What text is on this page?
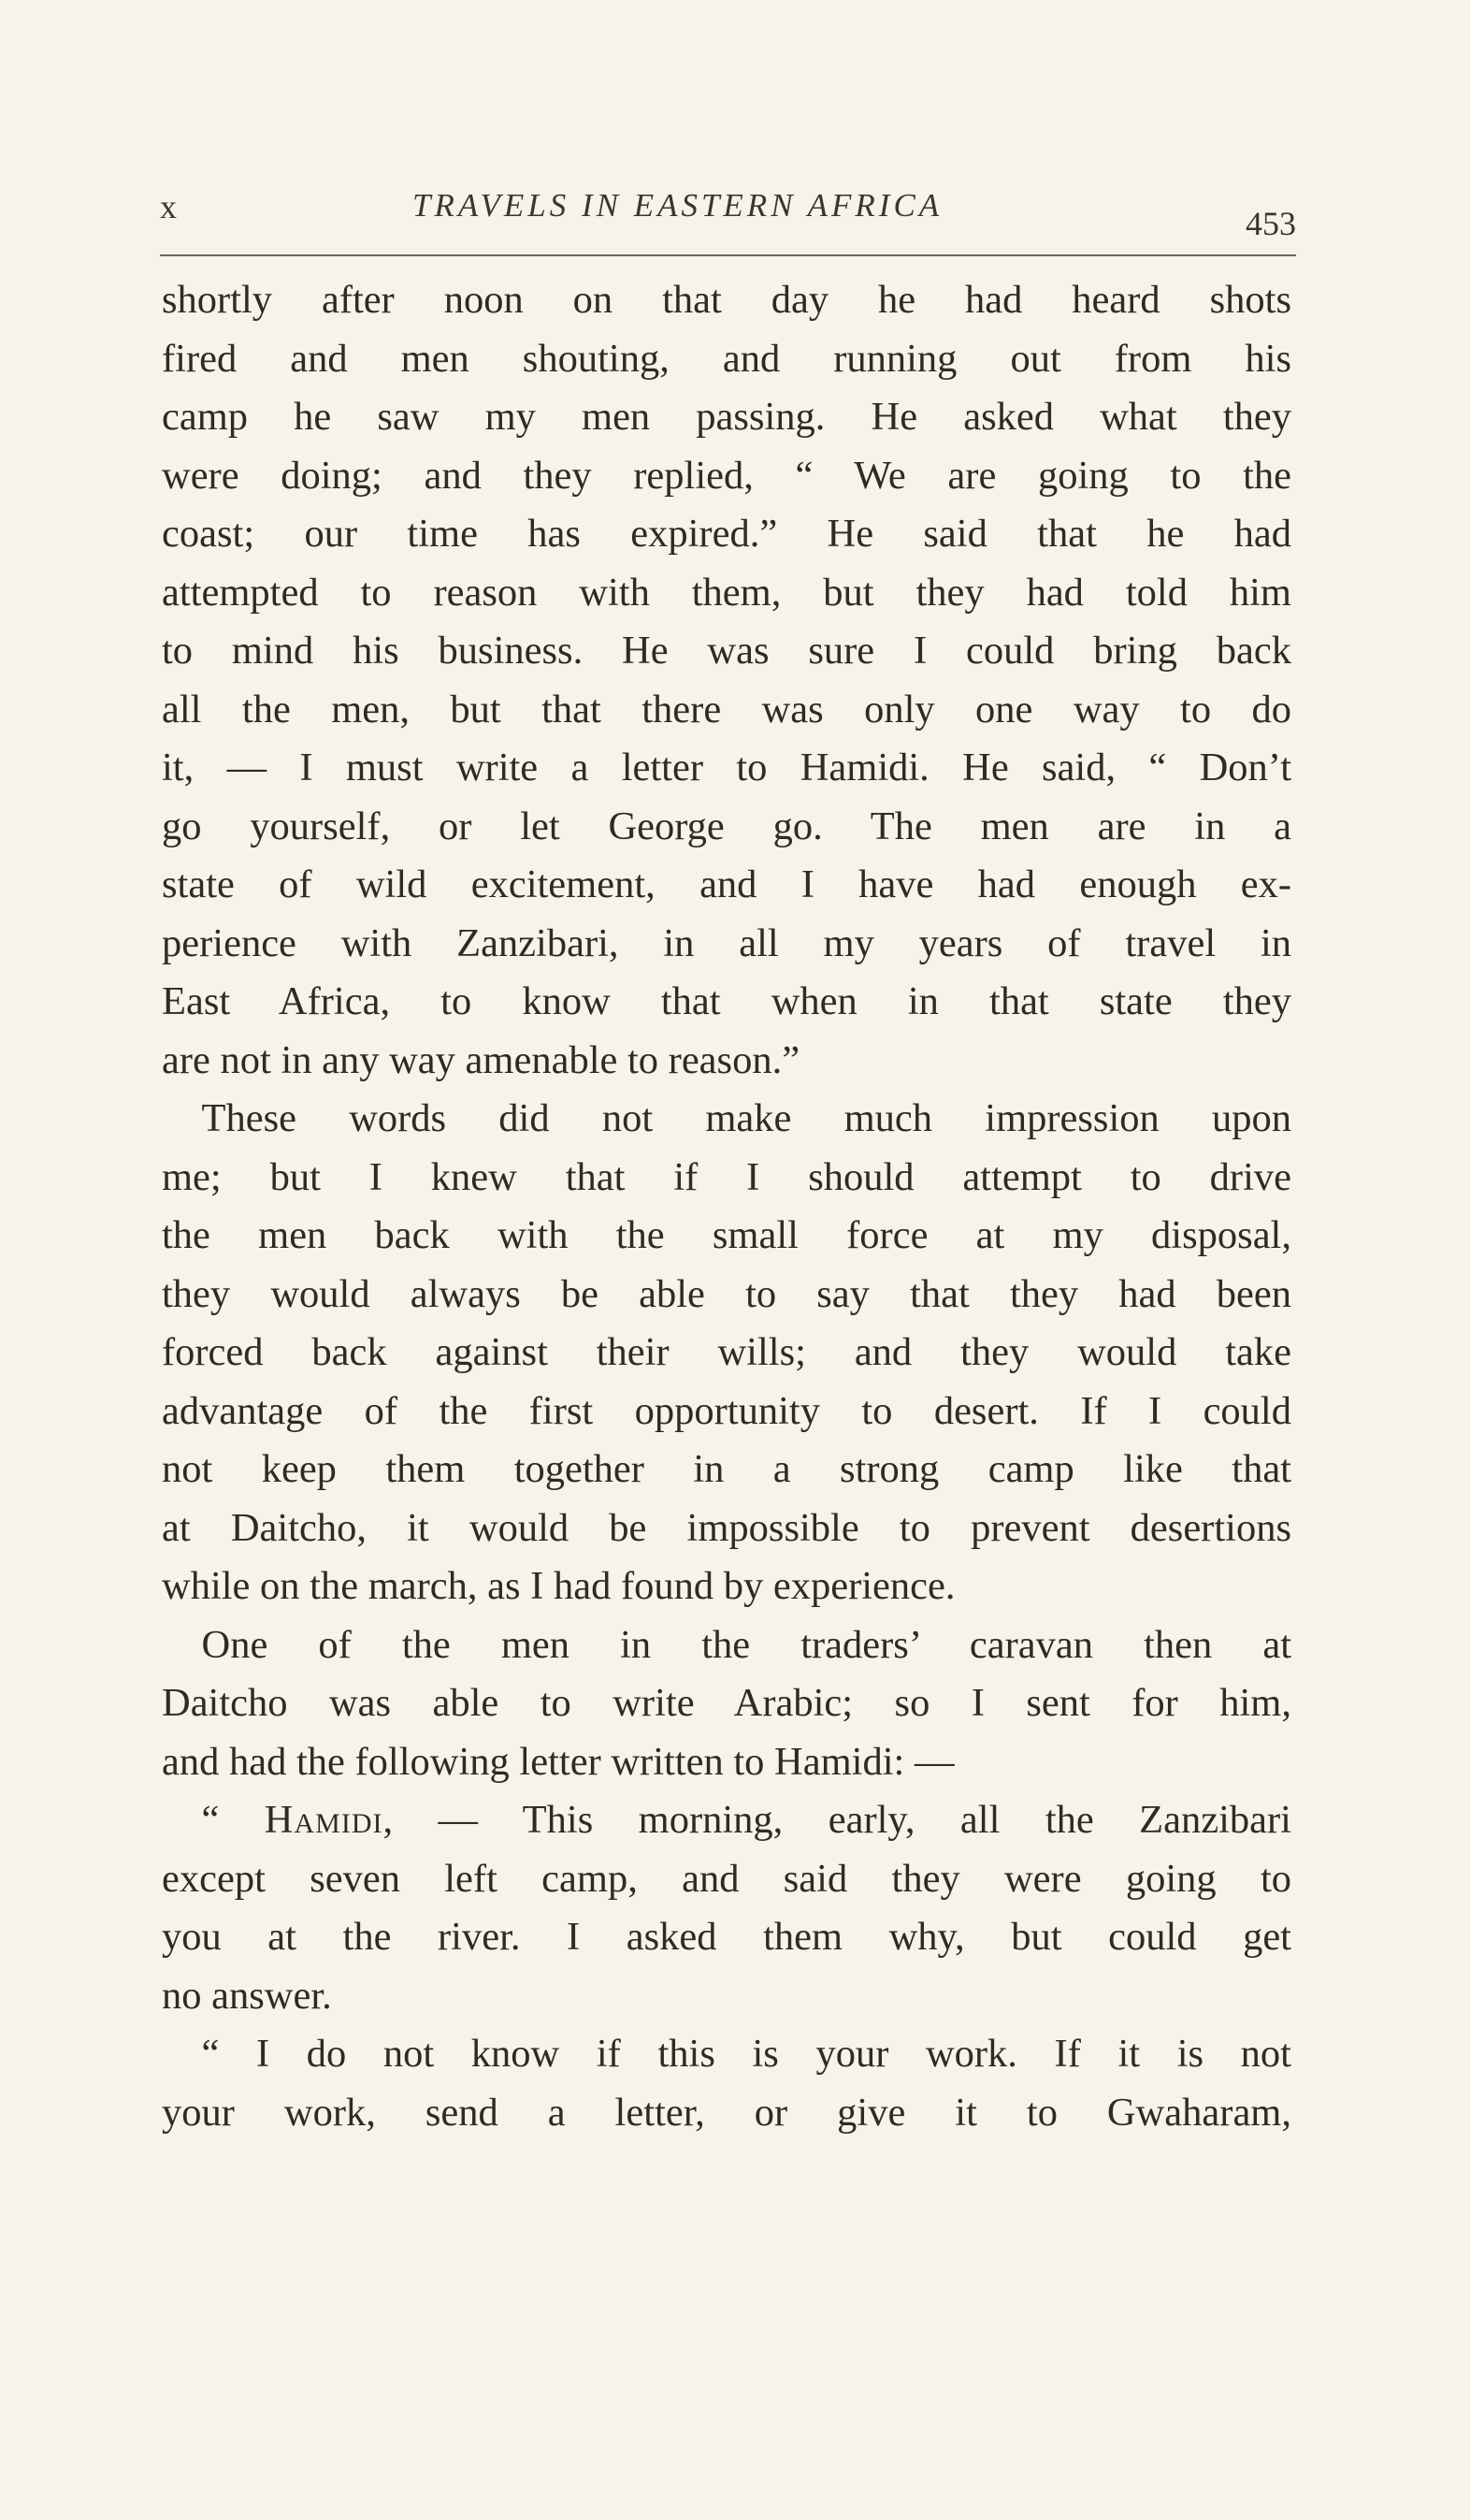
x	TRAVELS IN EASTERN AFRICA	453
shortly after noon on that day he had heard shots
fired and men shouting, and running out from his
camp he saw my men passing. He asked what they
were doing; and they replied, “ We are going to the
coast; our time has expired.” He said that he had
attempted to reason with them, but they had told him
to mind his business. He was sure I could bring back
all the men, but that there was only one way to do
it, — I must write a letter to Hamidi. He said, “ Don’t
go yourself, or let George go. The men are in a
state of wild excitement, and I have had enough ex-
perience with Zanzibari, in all my years of travel in
East Africa, to know that when in that state they
are not in any way amenable to reason.”
 These words did not make much impression upon
me; but I knew that if I should attempt to drive
the men back with the small force at my disposal,
they would always be able to say that they had been
forced back against their wills; and they would take
advantage of the first opportunity to desert. If I could
not keep them together in a strong camp like that
at Daitcho, it would be impossible to prevent desertions
while on the march, as I had found by experience.
 One of the men in the traders’ caravan then at
Daitcho was able to write Arabic; so I sent for him,
and had the following letter written to Hamidi: —
 “ Hamidi, — This morning, early, all the Zanzibari
except seven left camp, and said they were going to
you at the river. I asked them why, but could get
no answer.
 “ I do not know if this is your work. If it is not
your work, send a letter, or give it to Gwaharam,
